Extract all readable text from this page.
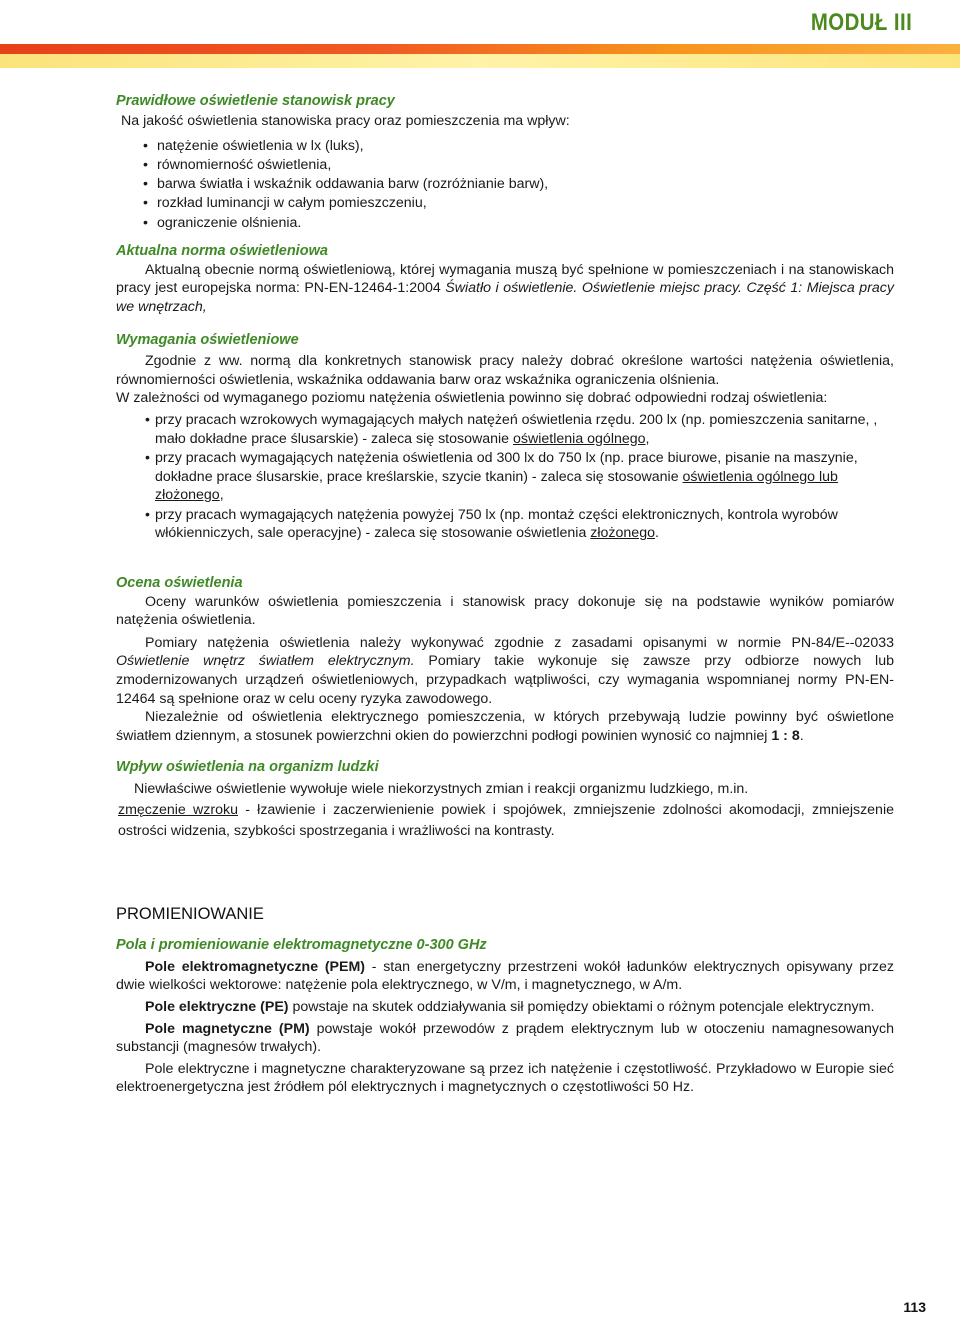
MODUŁ III
Prawidłowe oświetlenie stanowisk pracy

Na jakość oświetlenia stanowiska pracy oraz pomieszczenia ma wpływ:

• natężenie oświetlenia w lx (luks),
• równomierność oświetlenia,
• barwa światła i wskaźnik oddawania barw (rozróżnianie barw),
• rozkład luminancji w całym pomieszczeniu,
• ograniczenie olśnienia.
Aktualna norma oświetleniowa

Aktualną obecnie normą oświetleniową, której wymagania muszą być spełnione w pomieszczeniach i na stanowiskach pracy jest europejska norma: PN-EN-12464-1:2004 Światło i oświetlenie. Oświetlenie miejsc pracy. Część 1: Miejsca pracy we wnętrzach,

Wymagania oświetleniowe

Zgodnie z ww. normą dla konkretnych stanowisk pracy należy dobrać określone wartości natężenia oświetlenia, równomierności oświetlenia, wskaźnika oddawania barw oraz wskaźnika ograniczenia olśnienia.

W zależności od wymaganego poziomu natężenia oświetlenia powinno się dobrać odpowiedni rodzaj oświetlenia:

• przy pracach wzrokowych wymagających małych natężeń oświetlenia rzędu. 200 lx (np. pomieszczenia sanitarne, , mało dokładne prace ślusarskie) - zaleca się stosowanie oświetlenia ogólnego,
• przy pracach wymagających natężenia oświetlenia od 300 lx do 750 lx (np. prace biurowe, pisanie na maszynie, dokładne prace ślusarskie, prace kreślarskie, szycie tkanin) - zaleca się stosowanie oświetlenia ogólnego lub złożonego,
• przy pracach wymagających natężenia powyżej 750 lx (np. montaż części elektronicznych, kontrola wyrobów włókienniczych, sale operacyjne) - zaleca się stosowanie oświetlenia złożonego.
Ocena oświetlenia

Oceny warunków oświetlenia pomieszczenia i stanowisk pracy dokonuje się na podstawie wyników pomiarów natężenia oświetlenia.

Pomiary natężenia oświetlenia należy wykonywać zgodnie z zasadami opisanymi w normie PN-84/E--02033 Oświetlenie wnętrz światłem elektrycznym. Pomiary takie wykonuje się zawsze przy odbiorze nowych lub zmodernizowanych urządzeń oświetleniowych, przypadkach wątpliwości, czy wymagania wspomnianej normy PN-EN-12464 są spełnione oraz w celu oceny ryzyka zawodowego.

Niezależnie od oświetlenia elektrycznego pomieszczenia, w których przebywają ludzie powinny być oświetlone światłem dziennym, a stosunek powierzchni okien do powierzchni podłogi powinien wynosić co najmniej 1 : 8.

Wpływ oświetlenia na organizm ludzki

Niewłaściwe oświetlenie wywołuje wiele niekorzystnych zmian i reakcji organizmu ludzkiego, m.in.

zmęczenie wzroku - łzawienie i zaczerwienienie powiek i spojówek, zmniejszenie zdolności akomodacji, zmniejszenie ostrości widzenia, szybkości spostrzegania i wrażliwości na kontrasty.

PROMIENIOWANIE
Pola i promieniowanie elektromagnetyczne 0-300 GHz

Pole elektromagnetyczne (PEM) - stan energetyczny przestrzeni wokół ładunków elektrycznych opisywany przez dwie wielkości wektorowe: natężenie pola elektrycznego, w V/m, i magnetycznego, w A/m.

Pole elektryczne (PE) powstaje na skutek oddziaływania sił pomiędzy obiektami o różnym potencjale elektrycznym.

Pole magnetyczne (PM) powstaje wokół przewodów z prądem elektrycznym lub w otoczeniu namagnesowanych substancji (magnesów trwałych).

Pole elektryczne i magnetyczne charakteryzowane są przez ich natężenie i częstotliwość. Przykładowo w Europie sieć elektroenergetyczna jest źródłem pól elektrycznych i magnetycznych o częstotliwości 50 Hz.

113
